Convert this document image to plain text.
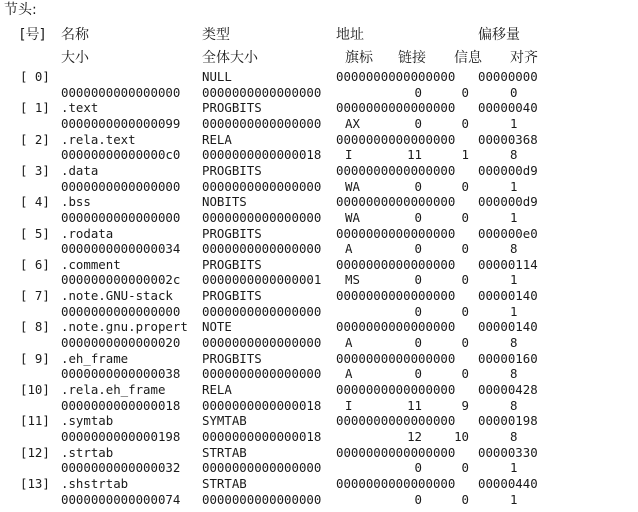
节头:
[号] 名称	类型	地址	偏移量
大小	全体大小	旗标 链接 信息 对齐
[ 0]	NULL	0000000000000000 00000000
0000000000000000 0000000000000000	0	0	0
[ 1] .text	PROGBITS	0000000000000000 00000040
0000000000000099 0000000000000000 AX	0	0	1
[ 2] .rela.text	RELA	0000000000000000 00000368
00000000000000c0 0000000000000018 I	11	1	8
[ 3] .data	PROGBITS	0000000000000000 000000d9
0000000000000000 0000000000000000 WA	0	0	1
[ 4] .bss	NOBITS	0000000000000000 000000d9
0000000000000000 0000000000000000 WA	0	0	1
[ 5] .rodata	PROGBITS	0000000000000000 000000e0
0000000000000034 0000000000000000 A	0	0	8
[ 6] .comment	PROGBITS	0000000000000000 00000114
000000000000002c 0000000000000001 MS	0	0	1
[ 7] .note.GNU-stack PROGBITS	0000000000000000 00000140
0000000000000000 0000000000000000	0	0	1
[ 8] .note.gnu.propert NOTE	0000000000000000 00000140
0000000000000020 0000000000000000 A	0	0	8
[ 9] .eh_frame	PROGBITS	0000000000000000 00000160
0000000000000038 0000000000000000 A	0	0	8
[10] .rela.eh_frame	RELA	0000000000000000 00000428
0000000000000018 0000000000000018 I	11	9	8
[11] .symtab	SYMTAB	0000000000000000 00000198
0000000000000198 0000000000000018	12	10	8
[12] .strtab	STRTAB	0000000000000000 00000330
0000000000000032 0000000000000000	0	0	1
[13] .shstrtab	STRTAB	0000000000000000 00000440
0000000000000074 0000000000000000	0	0	1
